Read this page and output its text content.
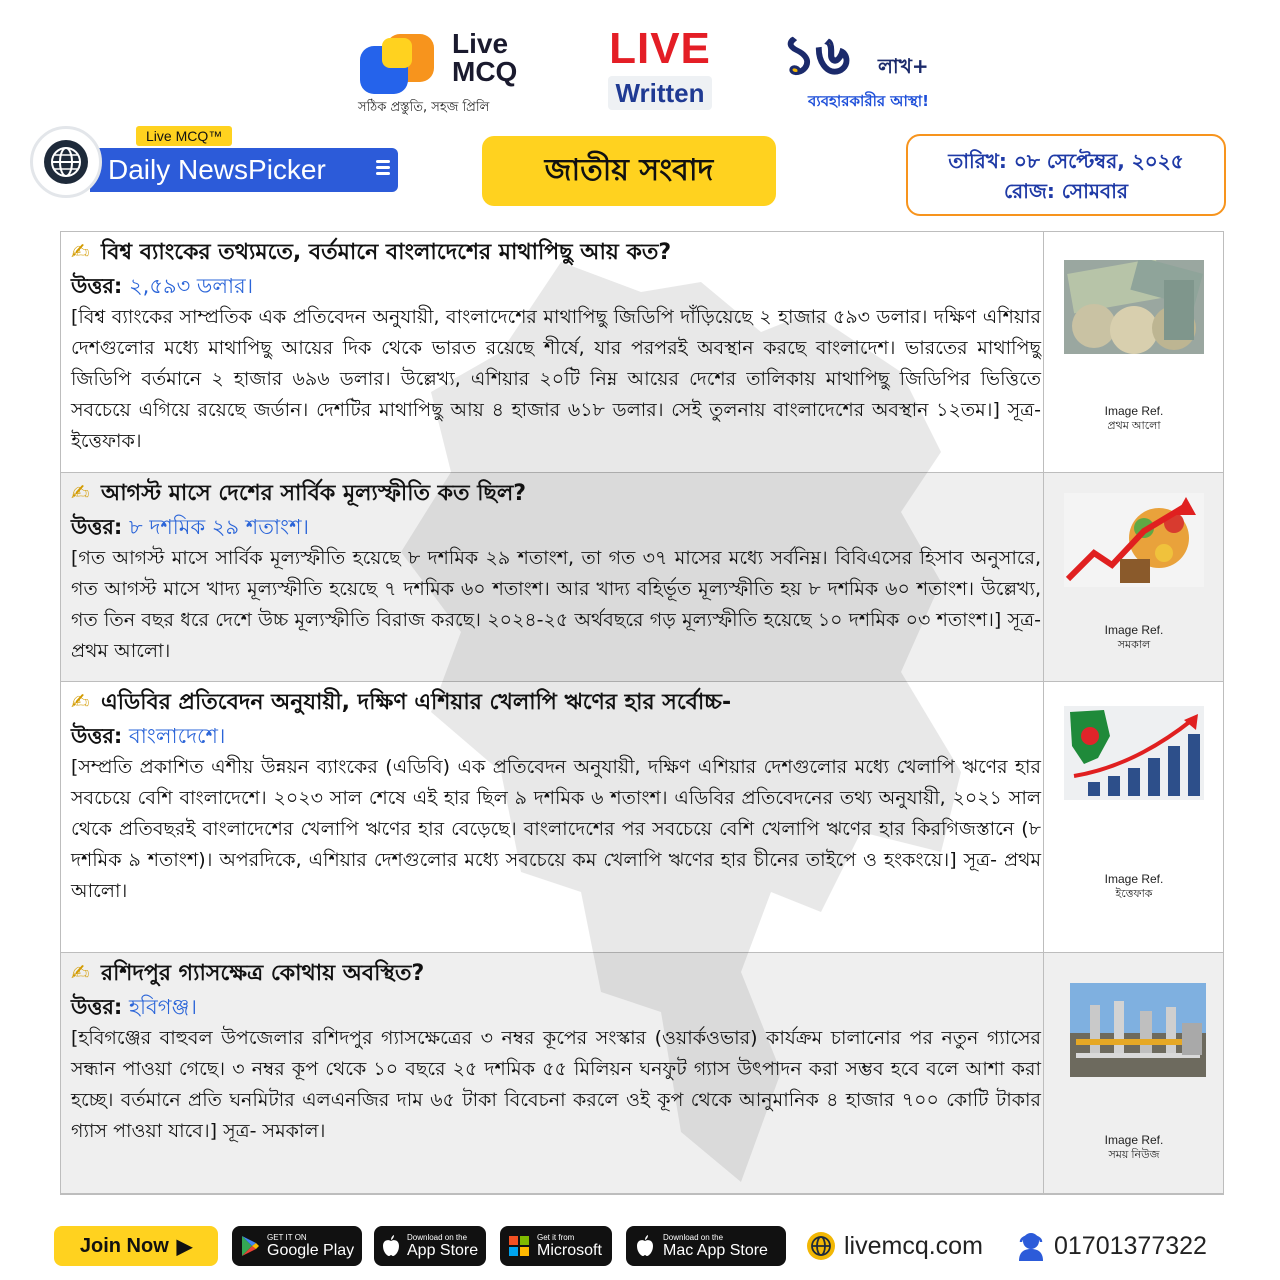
Live
MCQ
সঠিক প্রস্তুতি, সহজ প্রিলি
LIVE
Written
১৬ লাখ+
ব্যবহারকারীর আস্থা!
Daily NewsPicker
Live MCQ™
জাতীয় সংবাদ	তারিখ: ০৮ সেপ্টেম্বর, ২০২৫
রোজ: সোমবার
✍ বিশ্ব ব্যাংকের তথ্যমতে, বর্তমানে বাংলাদেশের মাথাপিছু আয় কত?
উত্তর: ২,৫৯৩ ডলার।
[বিশ্ব ব্যাংকের সাম্প্রতিক এক প্রতিবেদন অনুযায়ী, বাংলাদেশের মাথাপিছু জিডিপি দাঁড়িয়েছে ২ হাজার ৫৯৩ ডলার। দক্ষিণ এশিয়ার দেশগুলোর মধ্যে মাথাপিছু আয়ের দিক থেকে ভারত রয়েছে শীর্ষে, যার পরপরই অবস্থান করছে বাংলাদেশ। ভারতের মাথাপিছু জিডিপি বর্তমানে ২ হাজার ৬৯৬ ডলার। উল্লেখ্য, এশিয়ার ২০টি নিম্ন আয়ের দেশের তালিকায় মাথাপিছু জিডিপির ভিত্তিতে সবচেয়ে এগিয়ে রয়েছে জর্ডান। দেশটির মাথাপিছু আয় ৪ হাজার ৬১৮ ডলার। সেই তুলনায় বাংলাদেশের অবস্থান ১২তম।] সূত্র-ইত্তেফাক।
Image Ref.
প্রথম আলো
✍ আগস্ট মাসে দেশের সার্বিক মূল্যস্ফীতি কত ছিল?
উত্তর: ৮ দশমিক ২৯ শতাংশ।
[গত আগস্ট মাসে সার্বিক মূল্যস্ফীতি হয়েছে ৮ দশমিক ২৯ শতাংশ, তা গত ৩৭ মাসের মধ্যে সর্বনিম্ন। বিবিএসের হিসাব অনুসারে, গত আগস্ট মাসে খাদ্য মূল্যস্ফীতি হয়েছে ৭ দশমিক ৬০ শতাংশ। আর খাদ্য বহির্ভূত মূল্যস্ফীতি হয় ৮ দশমিক ৬০ শতাংশ। উল্লেখ্য, গত তিন বছর ধরে দেশে উচ্চ মূল্যস্ফীতি বিরাজ করছে। ২০২৪-২৫ অর্থবছরে গড় মূল্যস্ফীতি হয়েছে ১০ দশমিক ০৩ শতাংশ।] সূত্র- প্রথম আলো।
Image Ref.
সমকাল
✍ এডিবির প্রতিবেদন অনুযায়ী, দক্ষিণ এশিয়ার খেলাপি ঋণের হার সর্বোচ্চ-
উত্তর: বাংলাদেশে।
[সম্প্রতি প্রকাশিত এশীয় উন্নয়ন ব্যাংকের (এডিবি) এক প্রতিবেদন অনুযায়ী, দক্ষিণ এশিয়ার দেশগুলোর মধ্যে খেলাপি ঋণের হার সবচেয়ে বেশি বাংলাদেশে। ২০২৩ সাল শেষে এই হার ছিল ৯ দশমিক ৬ শতাংশ। এডিবির প্রতিবেদনের তথ্য অনুযায়ী, ২০২১ সাল থেকে প্রতিবছরই বাংলাদেশের খেলাপি ঋণের হার বেড়েছে। বাংলাদেশের পর সবচেয়ে বেশি খেলাপি ঋণের হার কিরগিজস্তানে (৮ দশমিক ৯ শতাংশ)। অপরদিকে, এশিয়ার দেশগুলোর মধ্যে সবচেয়ে কম খেলাপি ঋণের হার চীনের তাইপে ও হংকংয়ে।] সূত্র- প্রথম আলো।
Image Ref.
ইত্তেফাক
✍ রশিদপুর গ্যাসক্ষেত্র কোথায় অবস্থিত?
উত্তর: হবিগঞ্জ।
[হবিগঞ্জের বাহুবল উপজেলার রশিদপুর গ্যাসক্ষেত্রের ৩ নম্বর কূপের সংস্কার (ওয়ার্কওভার) কার্যক্রম চালানোর পর নতুন গ্যাসের সন্ধান পাওয়া গেছে। ৩ নম্বর কূপ থেকে ১০ বছরে ২৫ দশমিক ৫৫ মিলিয়ন ঘনফুট গ্যাস উৎপাদন করা সম্ভব হবে বলে আশা করা হচ্ছে। বর্তমানে প্রতি ঘনমিটার এলএনজির দাম ৬৫ টাকা বিবেচনা করলে ওই কূপ থেকে আনুমানিক ৪ হাজার ৭০০ কোটি টাকার গ্যাস পাওয়া যাবে।] সূত্র- সমকাল।	Image Ref.
সময় নিউজ
Join Now ▶	GET IT ON
Google Play
Download on the
App Store
Get it from
Microsoft
Download on the
Mac App Store	livemcq.com	01701377322
